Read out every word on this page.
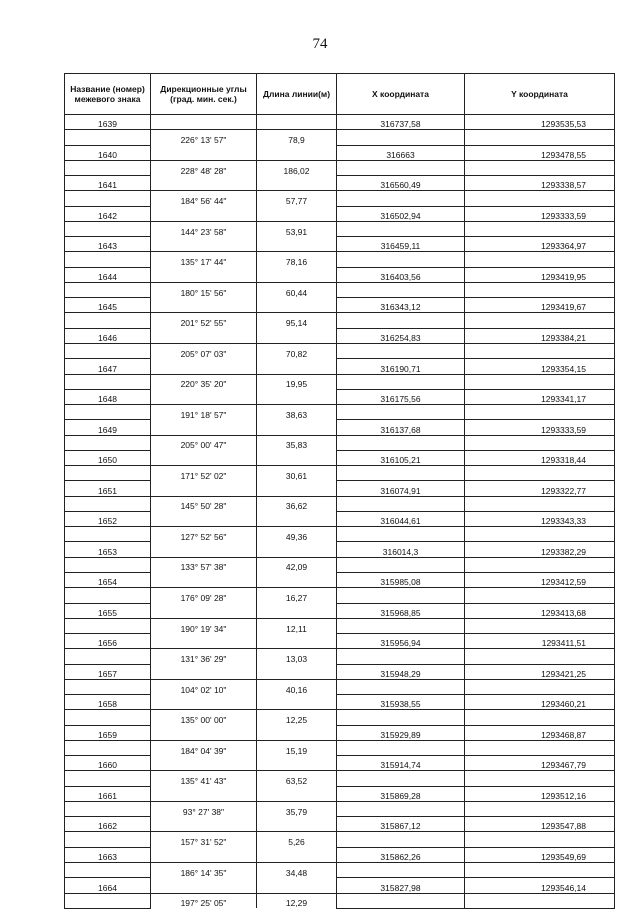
74
Название (номер) межевого знака	Дирекционные углы (град. мин. сек.)	Длина линии(м)	X координата	Y координата
1639			316737,58	1293535,53
	226° 13' 57"	78,9		
1640			316663	1293478,55
	228° 48' 28"	186,02		
1641			316560,49	1293338,57
	184° 56' 44"	57,77		
1642			316502,94	1293333,59
	144° 23' 58"	53,91		
1643			316459,11	1293364,97
	135° 17' 44"	78,16		
1644			316403,56	1293419,95
	180° 15' 56"	60,44		
1645			316343,12	1293419,67
	201° 52' 55"	95,14		
1646			316254,83	1293384,21
	205° 07' 03"	70,82		
1647			316190,71	1293354,15
	220° 35' 20"	19,95		
1648			316175,56	1293341,17
	191° 18' 57"	38,63		
1649			316137,68	1293333,59
	205° 00' 47"	35,83		
1650			316105,21	1293318,44
	171° 52' 02"	30,61		
1651			316074,91	1293322,77
	145° 50' 28"	36,62		
1652			316044,61	1293343,33
	127° 52' 56"	49,36		
1653			316014,3	1293382,29
	133° 57' 38"	42,09		
1654			315985,08	1293412,59
	176° 09' 28"	16,27		
1655			315968,85	1293413,68
	190° 19' 34"	12,11		
1656			315956,94	1293411,51
	131° 36' 29"	13,03		
1657			315948,29	1293421,25
	104° 02' 10"	40,16		
1658			315938,55	1293460,21
	135° 00' 00"	12,25		
1659			315929,89	1293468,87
	184° 04' 39"	15,19		
1660			315914,74	1293467,79
	135° 41' 43"	63,52		
1661			315869,28	1293512,16
	93° 27' 38"	35,79		
1662			315867,12	1293547,88
	157° 31' 52"	5,26		
1663			315862,26	1293549,69
	186° 14' 35"	34,48		
1664			315827,98	1293546,14
	197° 25' 05"	12,29		
